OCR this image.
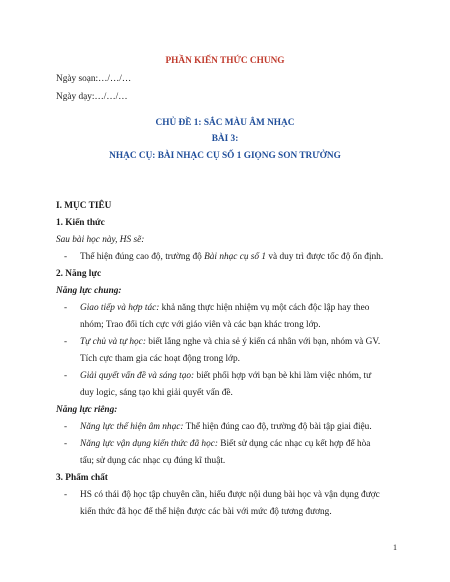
PHẦN KIẾN THỨC CHUNG
Ngày soạn:…/…/…
Ngày dạy:…/…/…
CHỦ ĐỀ 1: SẮC MÀU ÂM NHẠC
BÀI 3:
NHẠC CỤ: BÀI NHẠC CỤ SỐ 1 GIỌNG SON TRƯỞNG
I. MỤC TIÊU
1. Kiến thức
Sau bài học này, HS sẽ:
- Thể hiện đúng cao độ, trường độ Bài nhạc cụ số 1 và duy trì được tốc độ ổn định.
2. Năng lực
Năng lực chung:
- Giao tiếp và hợp tác: khả năng thực hiện nhiệm vụ một cách độc lập hay theo
nhóm; Trao đổi tích cực với giáo viên và các bạn khác trong lớp.
- Tự chủ và tự học: biết lắng nghe và chia sẻ ý kiến cá nhân với bạn, nhóm và GV.
Tích cực tham gia các hoạt động trong lớp.
- Giải quyết vấn đề và sáng tạo: biết phối hợp với bạn bè khi làm việc nhóm, tư
duy logic, sáng tạo khi giải quyết vấn đề.
Năng lực riêng:
- Năng lực thể hiện âm nhạc: Thể hiện đúng cao độ, trường độ bài tập giai điệu.
- Năng lực vận dụng kiến thức đã học: Biết sử dụng các nhạc cụ kết hợp để hòa
tấu; sử dụng các nhạc cụ đúng kĩ thuật.
3. Phẩm chất
- HS có thái độ học tập chuyên cần, hiểu được nội dung bài học và vận dụng được
kiến thức đã học để thể hiện được các bài với mức độ tương đương.
1
